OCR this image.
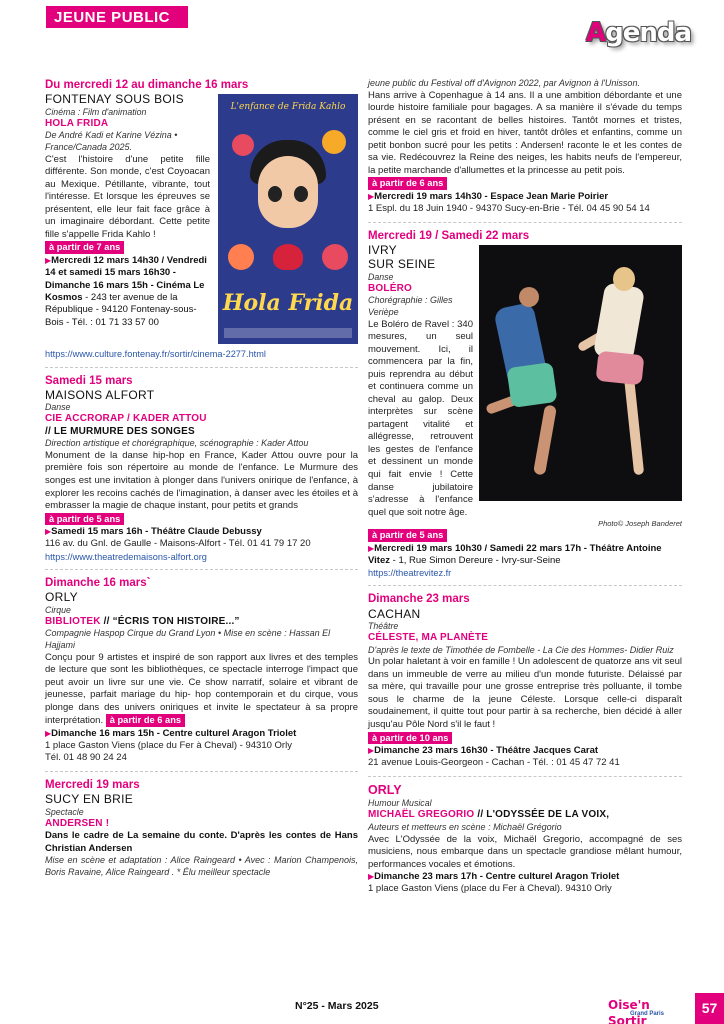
JEUNE PUBLIC
Agenda
Du mercredi 12 au dimanche 16 mars
L'enfance de Frida Kahlo
Hola Frida
FONTENAY SOUS BOIS
Cinéma : Film d'animation
HOLA FRIDA
De André Kadi et Karine Vézina • France/Canada 2025.
C'est l'histoire d'une petite fille différente. Son monde, c'est Coyoacan au Mexique. Pétillante, vibrante, tout l'intéresse. Et lorsque les épreuves se présentent, elle leur fait face grâce à un imaginaire débordant. Cette petite fille s'appelle Frida Kahlo !
à partir de 7 ans
▶Mercredi 12 mars 14h30 / Vendredi 14 et samedi 15 mars 16h30 - Dimanche 16 mars 15h - Cinéma Le Kosmos - 243 ter avenue de la République - 94120 Fontenay-sous-Bois - Tél. : 01 71 33 57 00
https://www.culture.fontenay.fr/sortir/cinema-2277.html
Samedi 15 mars
MAISONS ALFORT
Danse
CIE ACCRORAP / KADER ATTOU
// LE MURMURE DES SONGES
Direction artistique et chorégraphique, scénographie : Kader Attou
Monument de la danse hip-hop en France, Kader Attou ouvre pour la première fois son répertoire au monde de l'enfance. Le Murmure des songes est une invitation à plonger dans l'univers onirique de l'enfance, à explorer les recoins cachés de l'imagination, à danser avec les étoiles et à embrasser la magie de chaque instant, pour petits et grands
à partir de 5 ans
▶Samedi 15 mars 16h - Théâtre Claude Debussy
116 av. du Gnl. de Gaulle - Maisons-Alfort - Tél. 01 41 79 17 20
https://www.theatredemaisons-alfort.org
Dimanche 16 mars`
ORLY
Cirque
BIBLIOTEK // “ÉCRIS TON HISTOIRE...”
Compagnie Haspop Cirque du Grand Lyon • Mise en scène : Hassan El Hajjami
Conçu pour 9 artistes et inspiré de son rapport aux livres et des temples de lecture que sont les bibliothèques, ce spectacle interroge l'impact que peut avoir un livre sur une vie. Ce show narratif, solaire et vibrant de jeunesse, parfait mariage du hip- hop contemporain et du cirque, vous plonge dans des univers oniriques et invite le spectateur à sa propre interprétation. à partir de 6 ans
▶Dimanche 16 mars 15h - Centre culturel Aragon Triolet
1 place Gaston Viens (place du Fer à Cheval) - 94310 Orly
Tél. 01 48 90 24 24
Mercredi 19 mars
SUCY EN BRIE
Spectacle
ANDERSEN !
Dans le cadre de La semaine du conte. D'après les contes de Hans Christian Andersen
Mise en scène et adaptation : Alice Raingeard • Avec : Marion Champenois, Boris Ravaine, Alice Raingeard . * Élu meilleur spectacle
jeune public du Festival off d'Avignon 2022, par Avignon à l'Unisson.
Hans arrive à Copenhague à 14 ans. Il a une ambition débordante et une lourde histoire familiale pour bagages. A sa manière il s'évade du temps présent en se racontant de belles histoires. Tantôt mornes et tristes, comme le ciel gris et froid en hiver, tantôt drôles et enfantins, comme un petit bonbon sucré pour les petits : Andersen! raconte le et les contes de sa vie. Redécouvrez la Reine des neiges, les habits neufs de l'empereur, la petite marchande d'allumettes et la princesse au petit pois.
à partir de 6 ans
▶Mercredi 19 mars 14h30 - Espace Jean Marie Poirier
1 Espl. du 18 Juin 1940 - 94370 Sucy-en-Brie - Tél. 04 45 90 54 14
Mercredi 19 / Samedi 22 mars
IVRY
SUR SEINE
Danse
BOLÉRO
Chorégraphie : Gilles Verièpe
Le Boléro de Ravel : 340 mesures, un seul mouvement. Ici, il commencera par la fin, puis reprendra au début et continuera comme un cheval au galop. Deux interprètes sur scène partagent vitalité et allégresse, retrouvent les gestes de l'enfance et dessinent un monde qui fait envie ! Cette danse jubilatoire s'adresse à l'enfance quel que soit notre âge.
Photo© Joseph Banderet
à partir de 5 ans
▶Mercredi 19 mars 10h30 / Samedi 22 mars 17h - Théâtre Antoine Vitez - 1, Rue Simon Dereure - Ivry-sur-Seine
https://theatrevitez.fr
Dimanche 23 mars
CACHAN
Théâtre
CÉLESTE, MA PLANÈTE
D'après le texte de Timothée de Fombelle - La Cie des Hommes- Didier Ruiz
Un polar haletant à voir en famille ! Un adolescent de quatorze ans vit seul dans un immeuble de verre au milieu d'un monde futuriste. Délaissé par sa mère, qui travaille pour une grosse entreprise très polluante, il tombe sous le charme de la jeune Céleste. Lorsque celle-ci disparaît soudainement, il quitte tout pour partir à sa recherche, bien décidé à aller jusqu'au Pôle Nord s'il le faut !
à partir de 10 ans
▶Dimanche 23 mars 16h30 - Théâtre Jacques Carat
21 avenue Louis-Georgeon - Cachan - Tél. : 01 45 47 72 41
ORLY
Humour Musical
MICHAËL GREGORIO // L'ODYSSÉE DE LA VOIX,
Auteurs et metteurs en scène : Michaël Grégorio
Avec L'Odyssée de la voix, Michaël Gregorio, accompagné de ses musiciens, nous embarque dans un spectacle grandiose mêlant humour, performances vocales et émotions.
▶Dimanche 23 mars 17h - Centre culturel Aragon Triolet
1 place Gaston Viens (place du Fer à Cheval). 94310 Orly
N°25 - Mars 2025	Oise'n Sortir
Grand Paris	57
